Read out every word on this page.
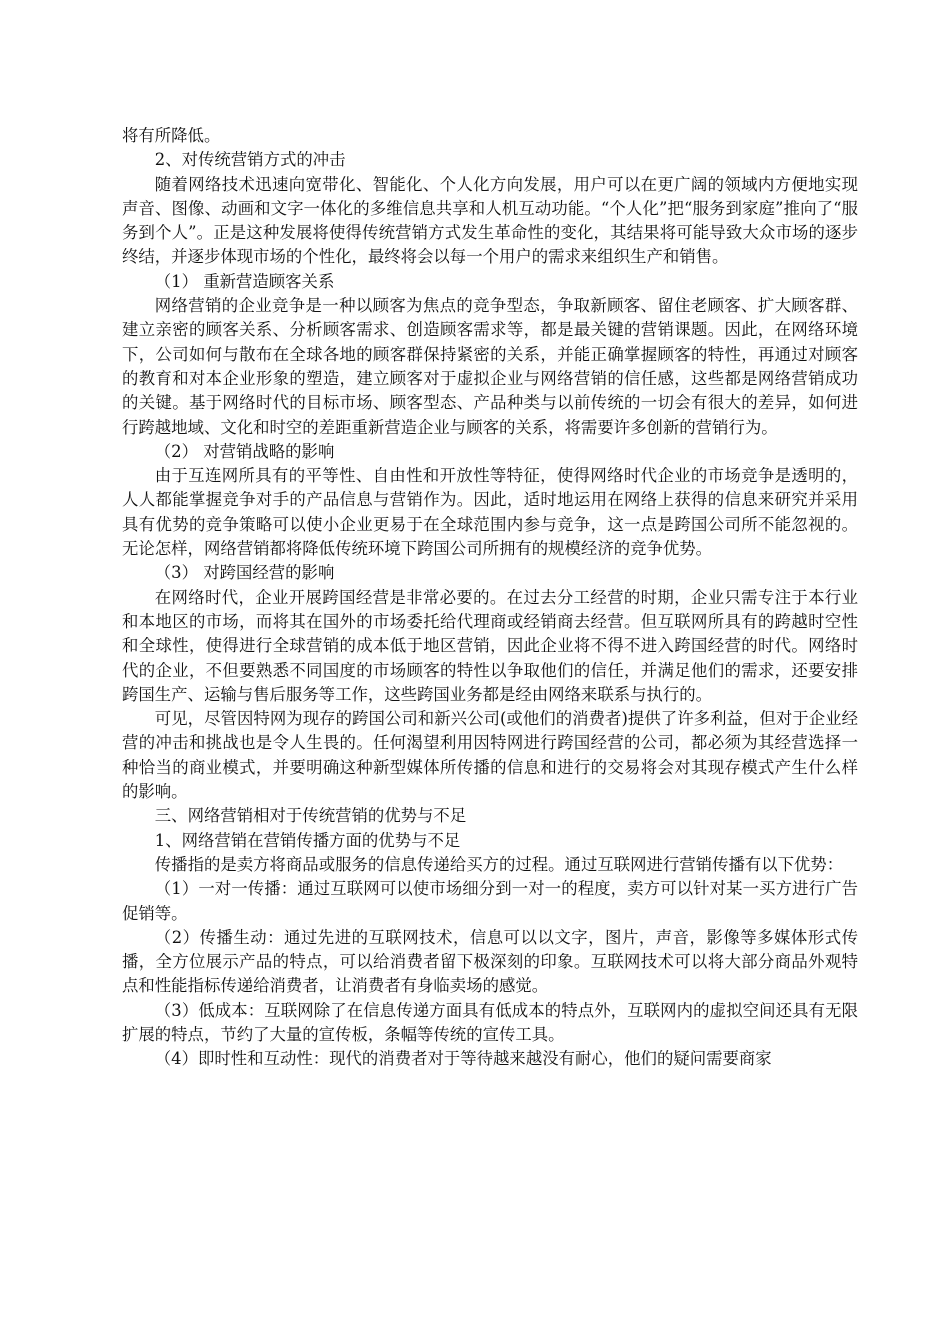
将有所降低。

2、对传统营销方式的冲击

随着网络技术迅速向宽带化、智能化、个人化方向发展，用户可以在更广阔的领域内方便地实现声音、图像、动画和文字一体化的多维信息共享和人机互动功能。“个人化”把“服务到家庭”推向了“服务到个人”。正是这种发展将使得传统营销方式发生革命性的变化，其结果将可能导致大众市场的逐步终结，并逐步体现市场的个性化，最终将会以每一个用户的需求来组织生产和销售。

（1） 重新营造顾客关系

网络营销的企业竞争是一种以顾客为焦点的竞争型态，争取新顾客、留住老顾客、扩大顾客群、建立亲密的顾客关系、分析顾客需求、创造顾客需求等，都是最关键的营销课题。因此，在网络环境下，公司如何与散布在全球各地的顾客群保持紧密的关系，并能正确掌握顾客的特性，再通过对顾客的教育和对本企业形象的塑造，建立顾客对于虚拟企业与网络营销的信任感，这些都是网络营销成功的关键。基于网络时代的目标市场、顾客型态、产品种类与以前传统的一切会有很大的差异，如何进行跨越地域、文化和时空的差距重新营造企业与顾客的关系，将需要许多创新的营销行为。

（2） 对营销战略的影响

由于互连网所具有的平等性、自由性和开放性等特征，使得网络时代企业的市场竞争是透明的，人人都能掌握竞争对手的产品信息与营销作为。因此，适时地运用在网络上获得的信息来研究并采用具有优势的竞争策略可以使小企业更易于在全球范围内参与竞争，这一点是跨国公司所不能忽视的。无论怎样，网络营销都将降低传统环境下跨国公司所拥有的规模经济的竞争优势。

（3） 对跨国经营的影响

在网络时代，企业开展跨国经营是非常必要的。在过去分工经营的时期，企业只需专注于本行业和本地区的市场，而将其在国外的市场委托给代理商或经销商去经营。但互联网所具有的跨越时空性和全球性，使得进行全球营销的成本低于地区营销，因此企业将不得不进入跨国经营的时代。网络时代的企业，不但要熟悉不同国度的市场顾客的特性以争取他们的信任，并满足他们的需求，还要安排跨国生产、运输与售后服务等工作，这些跨国业务都是经由网络来联系与执行的。

可见，尽管因特网为现存的跨国公司和新兴公司(或他们的消费者)提供了许多利益，但对于企业经营的冲击和挑战也是令人生畏的。任何渴望利用因特网进行跨国经营的公司，都必须为其经营选择一种恰当的商业模式，并要明确这种新型媒体所传播的信息和进行的交易将会对其现存模式产生什么样的影响。

三、网络营销相对于传统营销的优势与不足

1、网络营销在营销传播方面的优势与不足

传播指的是卖方将商品或服务的信息传递给买方的过程。通过互联网进行营销传播有以下优势：

（1）一对一传播：通过互联网可以使市场细分到一对一的程度，卖方可以针对某一买方进行广告促销等。

（2）传播生动：通过先进的互联网技术，信息可以以文字，图片，声音，影像等多媒体形式传播，全方位展示产品的特点，可以给消费者留下极深刻的印象。互联网技术可以将大部分商品外观特点和性能指标传递给消费者，让消费者有身临卖场的感觉。

（3）低成本：互联网除了在信息传递方面具有低成本的特点外，互联网内的虚拟空间还具有无限扩展的特点，节约了大量的宣传板，条幅等传统的宣传工具。

（4）即时性和互动性：现代的消费者对于等待越来越没有耐心，他们的疑问需要商家
